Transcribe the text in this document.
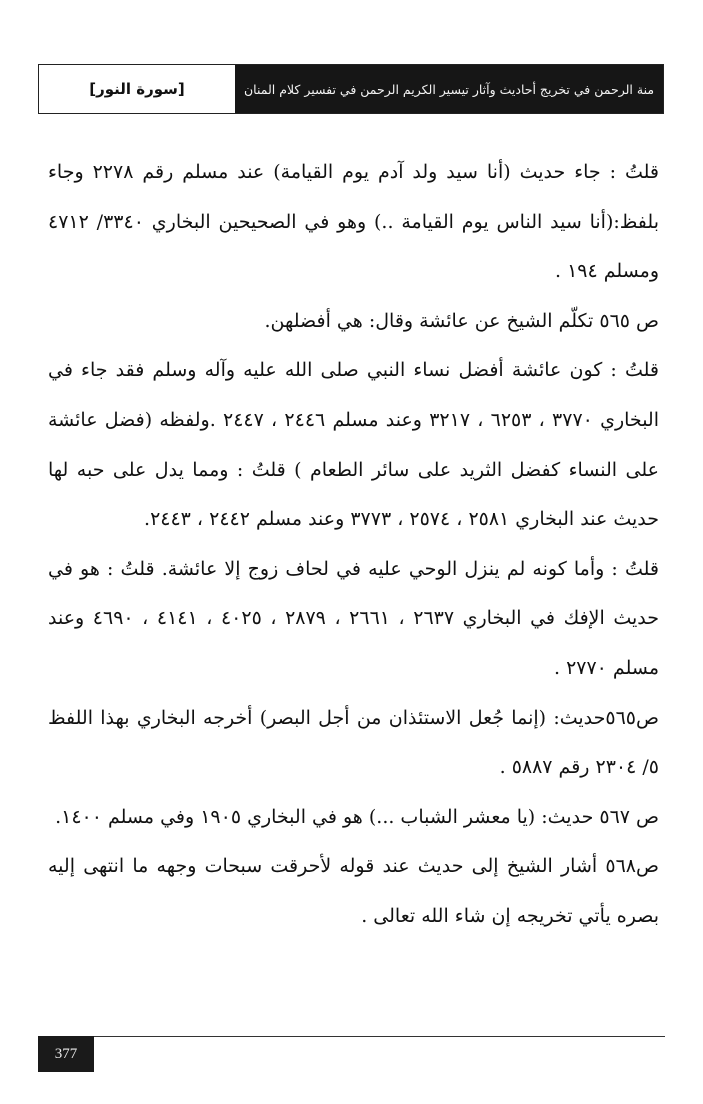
منة الرحمن في تخريج أحاديث وآثار تيسير الكريم الرحمن في تفسير كلام المنان
[سورة النور]

قلتُ : جاء حديث (أنا سيد ولد آدم يوم القيامة) عند مسلم رقم ٢٢٧٨ وجاء بلفظ:(أنا سيد الناس يوم القيامة ..) وهو في الصحيحين البخاري ٣٣٤٠/ ٤٧١٢ ومسلم ١٩٤ .

ص ٥٦٥ تكلّم الشيخ عن عائشة وقال: هي أفضلهن.

قلتُ : كون عائشة أفضل نساء النبي صلى الله عليه وآله وسلم فقد جاء في البخاري ٣٧٧٠ ، ٦٢٥٣ ، ٣٢١٧ وعند مسلم ٢٤٤٦ ، ٢٤٤٧ .ولفظه (فضل عائشة على النساء كفضل الثريد على سائر الطعام ) قلتُ : ومما يدل على حبه لها حديث عند البخاري ٢٥٨١ ، ٢٥٧٤ ، ٣٧٧٣ وعند مسلم ٢٤٤٢ ، ٢٤٤٣.

قلتُ : وأما كونه لم ينزل الوحي عليه في لحاف زوج إلا عائشة. قلتُ : هو في حديث الإفك في البخاري ٢٦٣٧ ، ٢٦٦١ ، ٢٨٧٩ ، ٤٠٢٥ ، ٤١٤١ ، ٤٦٩٠ وعند مسلم ٢٧٧٠ .

ص٥٦٥حديث: (إنما جُعل الاستئذان من أجل البصر) أخرجه البخاري بهذا اللفظ ٥/ ٢٣٠٤ رقم ٥٨٨٧ .

ص ٥٦٧ حديث: (يا معشر الشباب ...) هو في البخاري ١٩٠٥ وفي مسلم ١٤٠٠.

ص٥٦٨ أشار الشيخ إلى حديث عند قوله لأحرقت سبحات وجهه ما انتهى إليه بصره يأتي تخريجه إن شاء الله تعالى .

377
